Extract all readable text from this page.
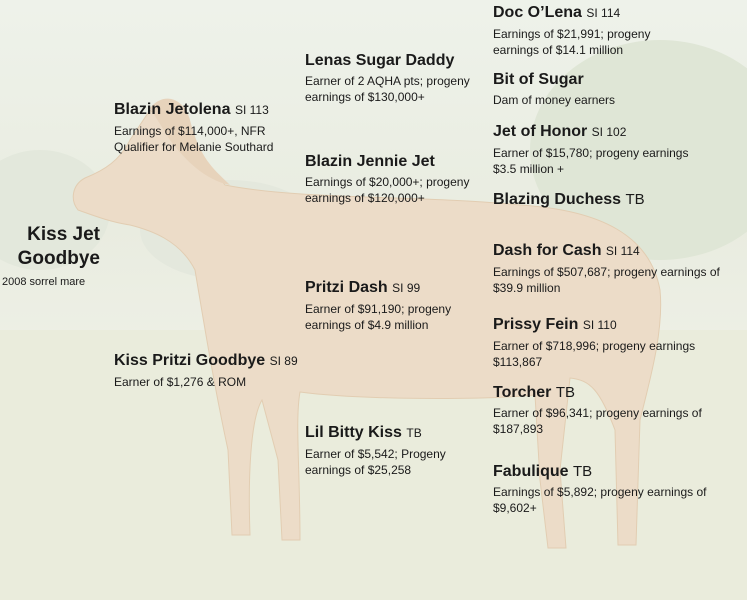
Kiss Jet
Goodbye
2008 sorrel mare
Blazin Jetolena SI 113
Earnings of $114,000+, NFR Qualifier for Melanie Southard
Kiss Pritzi Goodbye SI 89
Earner of $1,276 & ROM
Lenas Sugar Daddy
Earner of 2 AQHA pts; progeny earnings of $130,000+
Blazin Jennie Jet
Earnings of $20,000+; progeny earnings of $120,000+
Pritzi Dash SI 99
Earner of $91,190; progeny earnings of $4.9 million
Lil Bitty Kiss TB
Earner of $5,542; Progeny earnings of $25,258
Doc O’Lena SI 114
Earnings of $21,991; progeny earnings of $14.1 million
Bit of Sugar
Dam of money earners
Jet of Honor SI 102
Earner of $15,780; progeny earnings $3.5 million +
Blazing Duchess TB
Dash for Cash SI 114
Earnings of $507,687; progeny earnings of $39.9 million
Prissy Fein SI 110
Earner of $718,996; progeny earnings $113,867
Torcher TB
Earner of $96,341; progeny earnings of $187,893
Fabulique TB
Earnings of $5,892; progeny earnings of $9,602+
